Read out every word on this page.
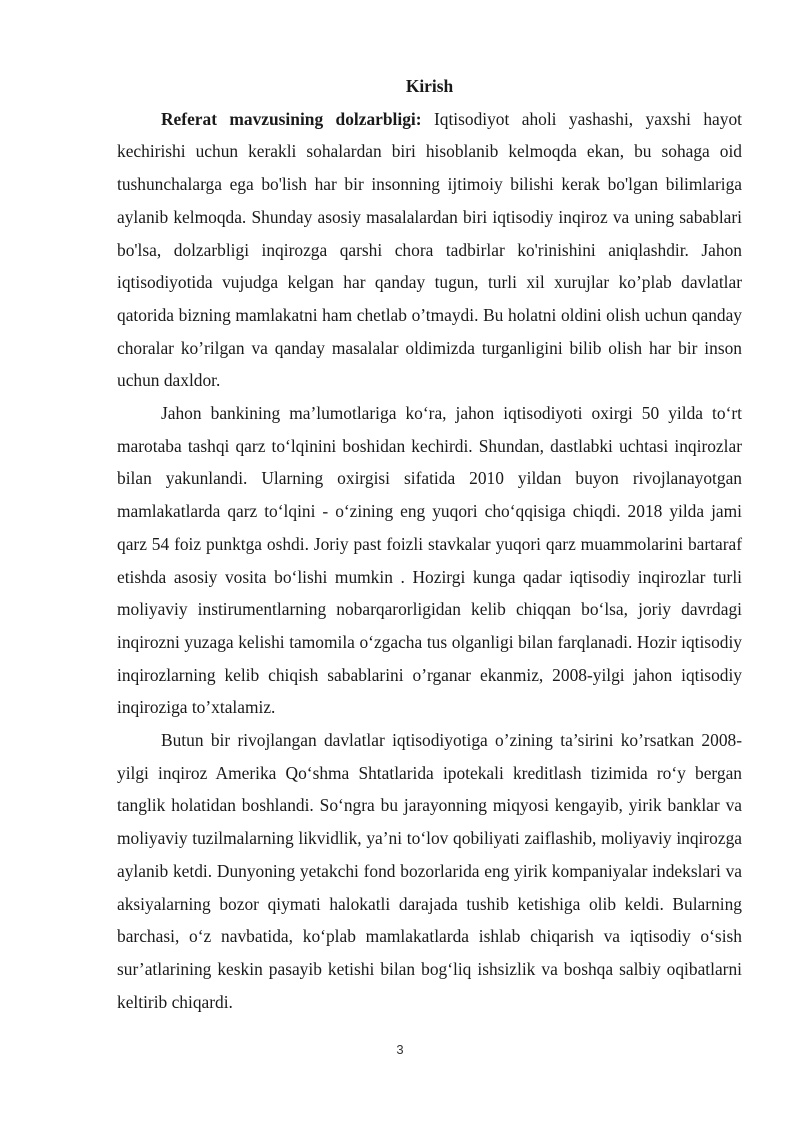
Kirish

Referat mavzusining dolzarbligi: Iqtisodiyot aholi yashashi, yaxshi hayot kechirishi uchun kerakli sohalardan biri hisoblanib kelmoqda ekan, bu sohaga oid tushunchalarga ega bo'lish har bir insonning ijtimoiy bilishi kerak bo'lgan bilimlariga aylanib kelmoqda. Shunday asosiy masalalardan biri iqtisodiy inqiroz va uning sabablari bo'lsa, dolzarbligi inqirozga qarshi chora tadbirlar ko'rinishini aniqlashdir. Jahon iqtisodiyotida vujudga kelgan har qanday tugun, turli xil xurujlar ko’plab davlatlar qatorida bizning mamlakatni ham chetlab o’tmaydi. Bu holatni oldini olish uchun qanday choralar ko’rilgan va qanday masalalar oldimizda turganligini bilib olish har bir inson uchun daxldor.

Jahon bankining ma’lumotlariga ko‘ra, jahon iqtisodiyoti oxirgi 50 yilda to‘rt marotaba tashqi qarz to‘lqinini boshidan kechirdi. Shundan, dastlabki uchtasi inqirozlar bilan yakunlandi. Ularning oxirgisi sifatida 2010 yildan buyon rivojlanayotgan mamlakatlarda qarz to‘lqini - o‘zining eng yuqori cho‘qqisiga chiqdi. 2018 yilda jami qarz 54 foiz punktga oshdi. Joriy past foizli stavkalar yuqori qarz muammolarini bartaraf etishda asosiy vosita bo‘lishi mumkin . Hozirgi kunga qadar iqtisodiy inqirozlar turli moliyaviy instirumentlarning nobarqarorligidan kelib chiqqan bo‘lsa, joriy davrdagi inqirozni yuzaga kelishi tamomila o‘zgacha tus olganligi bilan farqlanadi. Hozir iqtisodiy inqirozlarning kelib chiqish sabablarini o’rganar ekanmiz, 2008-yilgi jahon iqtisodiy inqiroziga to’xtalamiz.

Butun bir rivojlangan davlatlar iqtisodiyotiga o’zining ta’sirini ko’rsatkan 2008- yilgi inqiroz Amerika Qo‘shma Shtatlarida ipotekali kreditlash tizimida ro‘y bergan tanglik holatidan boshlandi. So‘ngra bu jarayonning miqyosi kengayib, yirik banklar va moliyaviy tuzilmalarning likvidlik, ya’ni to‘lov qobiliyati zaiflashib, moliyaviy inqirozga aylanib ketdi. Dunyoning yetakchi fond bozorlarida eng yirik kompaniyalar indekslari va aksiyalarning bozor qiymati halokatli darajada tushib ketishiga olib keldi. Bularning barchasi, o‘z navbatida, ko‘plab mamlakatlarda ishlab chiqarish va iqtisodiy o‘sish sur’atlarining keskin pasayib ketishi bilan bog‘liq ishsizlik va boshqa salbiy oqibatlarni keltirib chiqardi.

3
